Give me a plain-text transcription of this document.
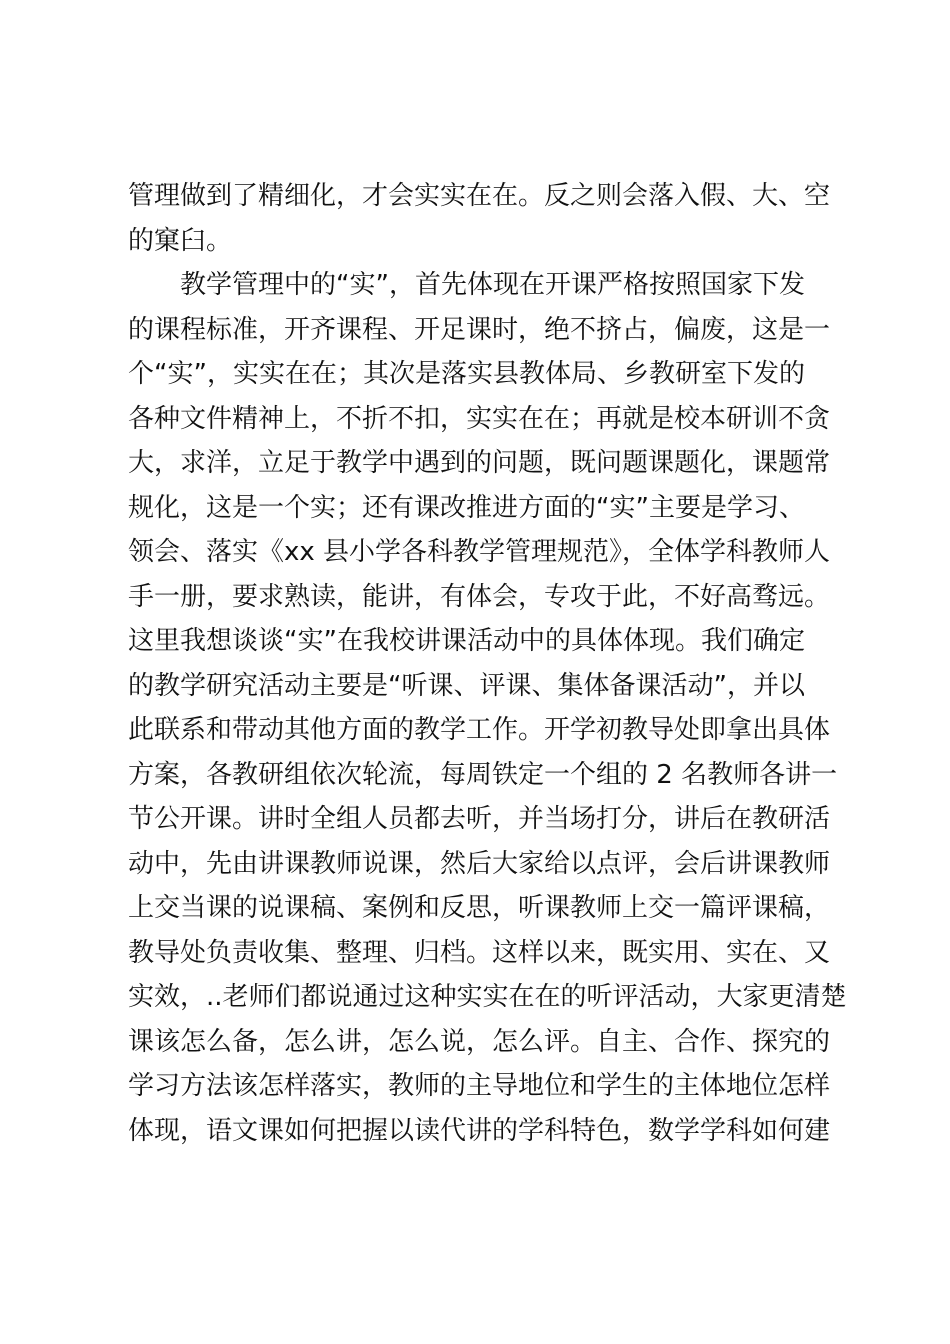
管理做到了精细化，才会实实在在。反之则会落入假、大、空
的窠臼。
　　教学管理中的“实”，首先体现在开课严格按照国家下发
的课程标准，开齐课程、开足课时，绝不挤占，偏废，这是一
个“实”，实实在在；其次是落实县教体局、乡教研室下发的
各种文件精神上，不折不扣，实实在在；再就是校本研训不贪
大，求洋，立足于教学中遇到的问题，既问题课题化，课题常
规化，这是一个实；还有课改推进方面的“实”主要是学习、
领会、落实《xx 县小学各科教学管理规范》，全体学科教师人
手一册，要求熟读，能讲，有体会，专攻于此，不好高骛远。
这里我想谈谈“实”在我校讲课活动中的具体体现。我们确定
的教学研究活动主要是“听课、评课、集体备课活动”，并以
此联系和带动其他方面的教学工作。开学初教导处即拿出具体
方案，各教研组依次轮流，每周铁定一个组的 2 名教师各讲一
节公开课。讲时全组人员都去听，并当场打分，讲后在教研活
动中，先由讲课教师说课，然后大家给以点评，会后讲课教师
上交当课的说课稿、案例和反思，听课教师上交一篇评课稿，
教导处负责收集、整理、归档。这样以来，既实用、实在、又
实效，..老师们都说通过这种实实在在的听评活动，大家更清楚
课该怎么备，怎么讲，怎么说，怎么评。自主、合作、探究的
学习方法该怎样落实，教师的主导地位和学生的主体地位怎样
体现，语文课如何把握以读代讲的学科特色，数学学科如何建
